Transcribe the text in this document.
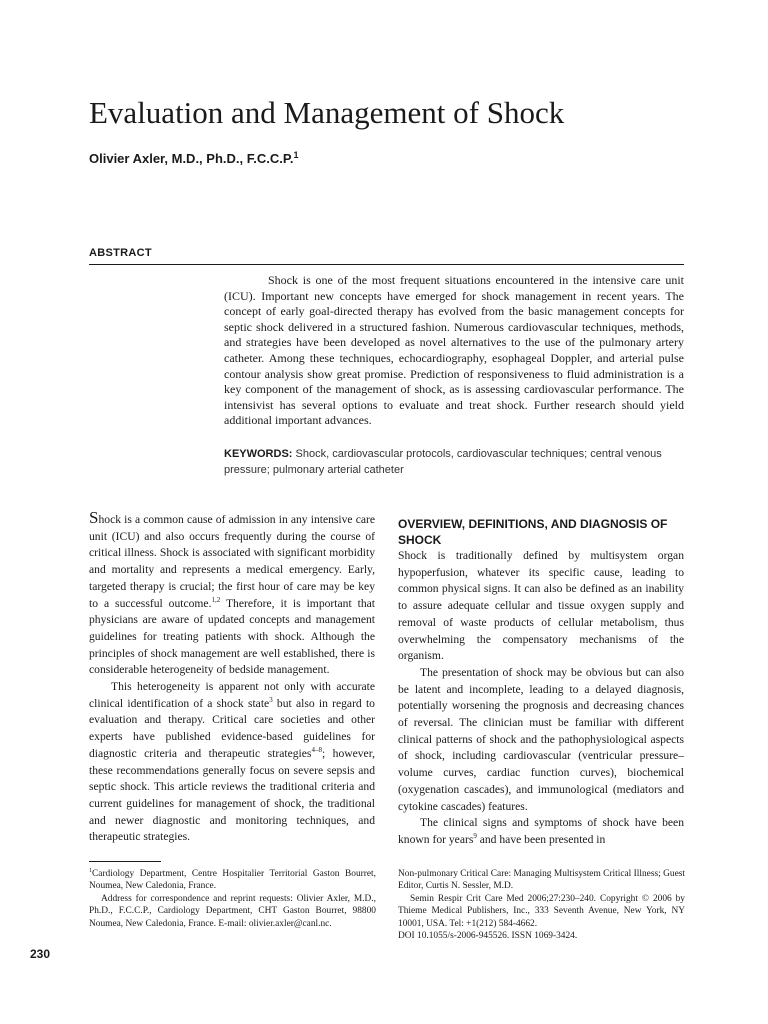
Evaluation and Management of Shock

Olivier Axler, M.D., Ph.D., F.C.C.P.$^1$

ABSTRACT

Shock is one of the most frequent situations encountered in the intensive care unit (ICU). Important new concepts have emerged for shock management in recent years. The concept of early goal-directed therapy has evolved from the basic management concepts for septic shock delivered in a structured fashion. Numerous cardiovascular techniques, methods, and strategies have been developed as novel alternatives to the use of the pulmonary artery catheter. Among these techniques, echocardiography, esophageal Doppler, and arterial pulse contour analysis show great promise. Prediction of responsiveness to fluid administration is a key component of the management of shock, as is assessing cardiovascular performance. The intensivist has several options to evaluate and treat shock. Further research should yield additional important advances.

KEYWORDS: Shock, cardiovascular protocols, cardiovascular techniques; central venous pressure; pulmonary arterial catheter

Shock is a common cause of admission in any intensive care unit (ICU) and also occurs frequently during the course of critical illness. Shock is associated with significant morbidity and mortality and represents a medical emergency. Early, targeted therapy is crucial; the first hour of care may be key to a successful outcome.$^{1,2}$ Therefore, it is important that physicians are aware of updated concepts and management guidelines for treating patients with shock. Although the principles of shock management are well established, there is considerable heterogeneity of bedside management.

This heterogeneity is apparent not only with accurate clinical identification of a shock state$^3$ but also in regard to evaluation and therapy. Critical care societies and other experts have published evidence-based guidelines for diagnostic criteria and therapeutic strategies$^{4-8}$; however, these recommendations generally focus on severe sepsis and septic shock. This article reviews the traditional criteria and current guidelines for management of shock, the traditional and newer diagnostic and monitoring techniques, and therapeutic strategies.

OVERVIEW, DEFINITIONS, AND DIAGNOSIS OF SHOCK

Shock is traditionally defined by multisystem organ hypoperfusion, whatever its specific cause, leading to common physical signs. It can also be defined as an inability to assure adequate cellular and tissue oxygen supply and removal of waste products of cellular metabolism, thus overwhelming the compensatory mechanisms of the organism.

The presentation of shock may be obvious but can also be latent and incomplete, leading to a delayed diagnosis, potentially worsening the prognosis and decreasing chances of reversal. The clinician must be familiar with different clinical patterns of shock and the pathophysiological aspects of shock, including cardiovascular (ventricular pressure–volume curves, cardiac function curves), biochemical (oxygenation cascades), and immunological (mediators and cytokine cascades) features.

The clinical signs and symptoms of shock have been known for years$^9$ and have been presented in

$^1$Cardiology Department, Centre Hospitalier Territorial Gaston Bourret, Noumea, New Caledonia, France.

Address for correspondence and reprint requests: Olivier Axler, M.D., Ph.D., F.C.C.P., Cardiology Department, CHT Gaston Bourret, 98800 Noumea, New Caledonia, France. E-mail: olivier.axler@canl.nc.

Non-pulmonary Critical Care: Managing Multisystem Critical Illness; Guest Editor, Curtis N. Sessler, M.D.

Semin Respir Crit Care Med 2006;27:230–240. Copyright © 2006 by Thieme Medical Publishers, Inc., 333 Seventh Avenue, New York, NY 10001, USA. Tel: +1(212) 584-4662.

DOI 10.1055/s-2006-945526. ISSN 1069-3424.

230
